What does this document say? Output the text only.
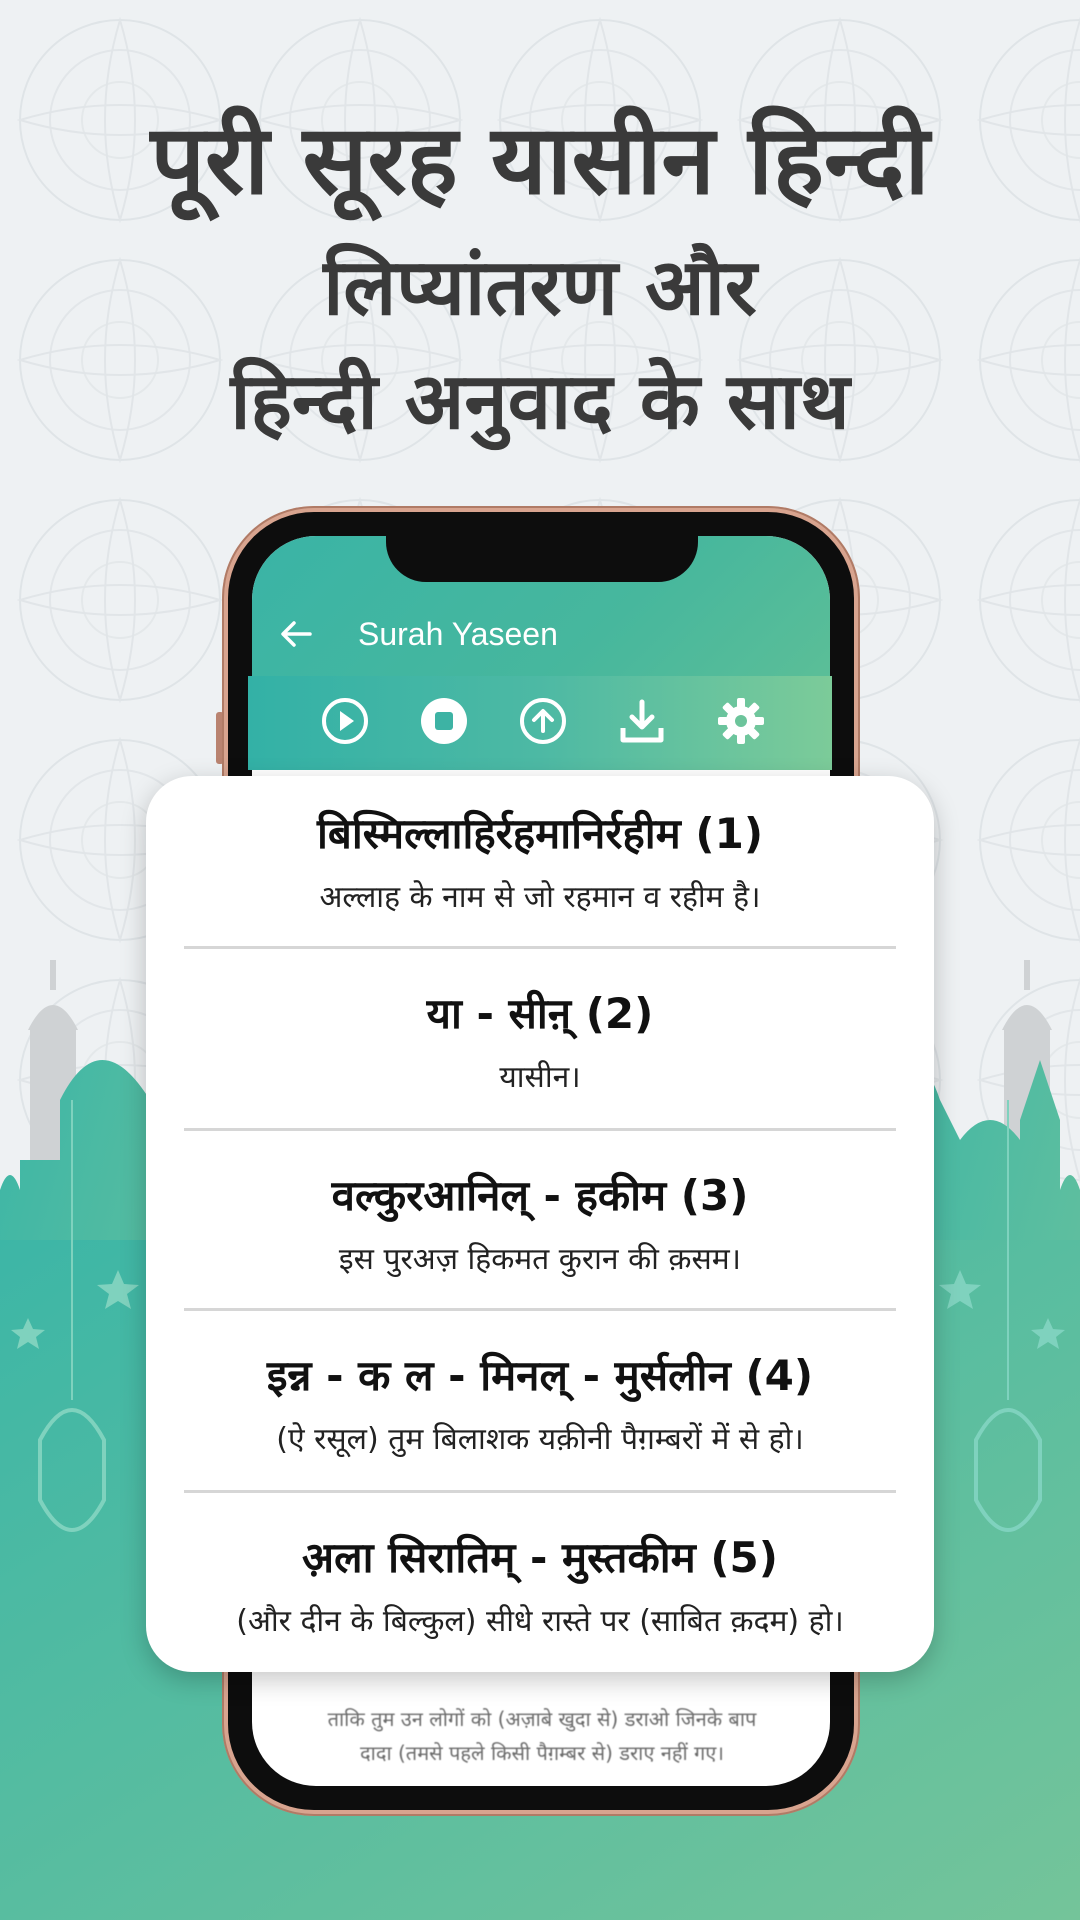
पूरी सूरह यासीन हिन्दी
लिप्यांतरण और
हिन्दी अनुवाद के साथ
Surah Yaseen
ताकि तुम उन लोगों को (अज़ाबे खुदा से) डराओ जिनके बाप
दादा (तमसे पहले किसी पैग़म्बर से) डराए नहीं गए।
बिस्मिल्लाहिर्रहमानिर्रहीम (1)
अल्लाह के नाम से जो रहमान व रहीम है।
या - सीऩ् (2)
यासीन।
वल्कुरआनिल् - हकीम (3)
इस पुरअज़ हिकमत कुरान की क़सम।
इन्न - क ल - मिनल् - मुर्सलीन (4)
(ऐ रसूल) तुम बिलाशक यक़ीनी पैग़म्बरों में से हो।
अ़ला सिरातिम् - मुस्तकीम (5)
(और दीन के बिल्कुल) सीधे रास्ते पर (साबित क़दम) हो।
